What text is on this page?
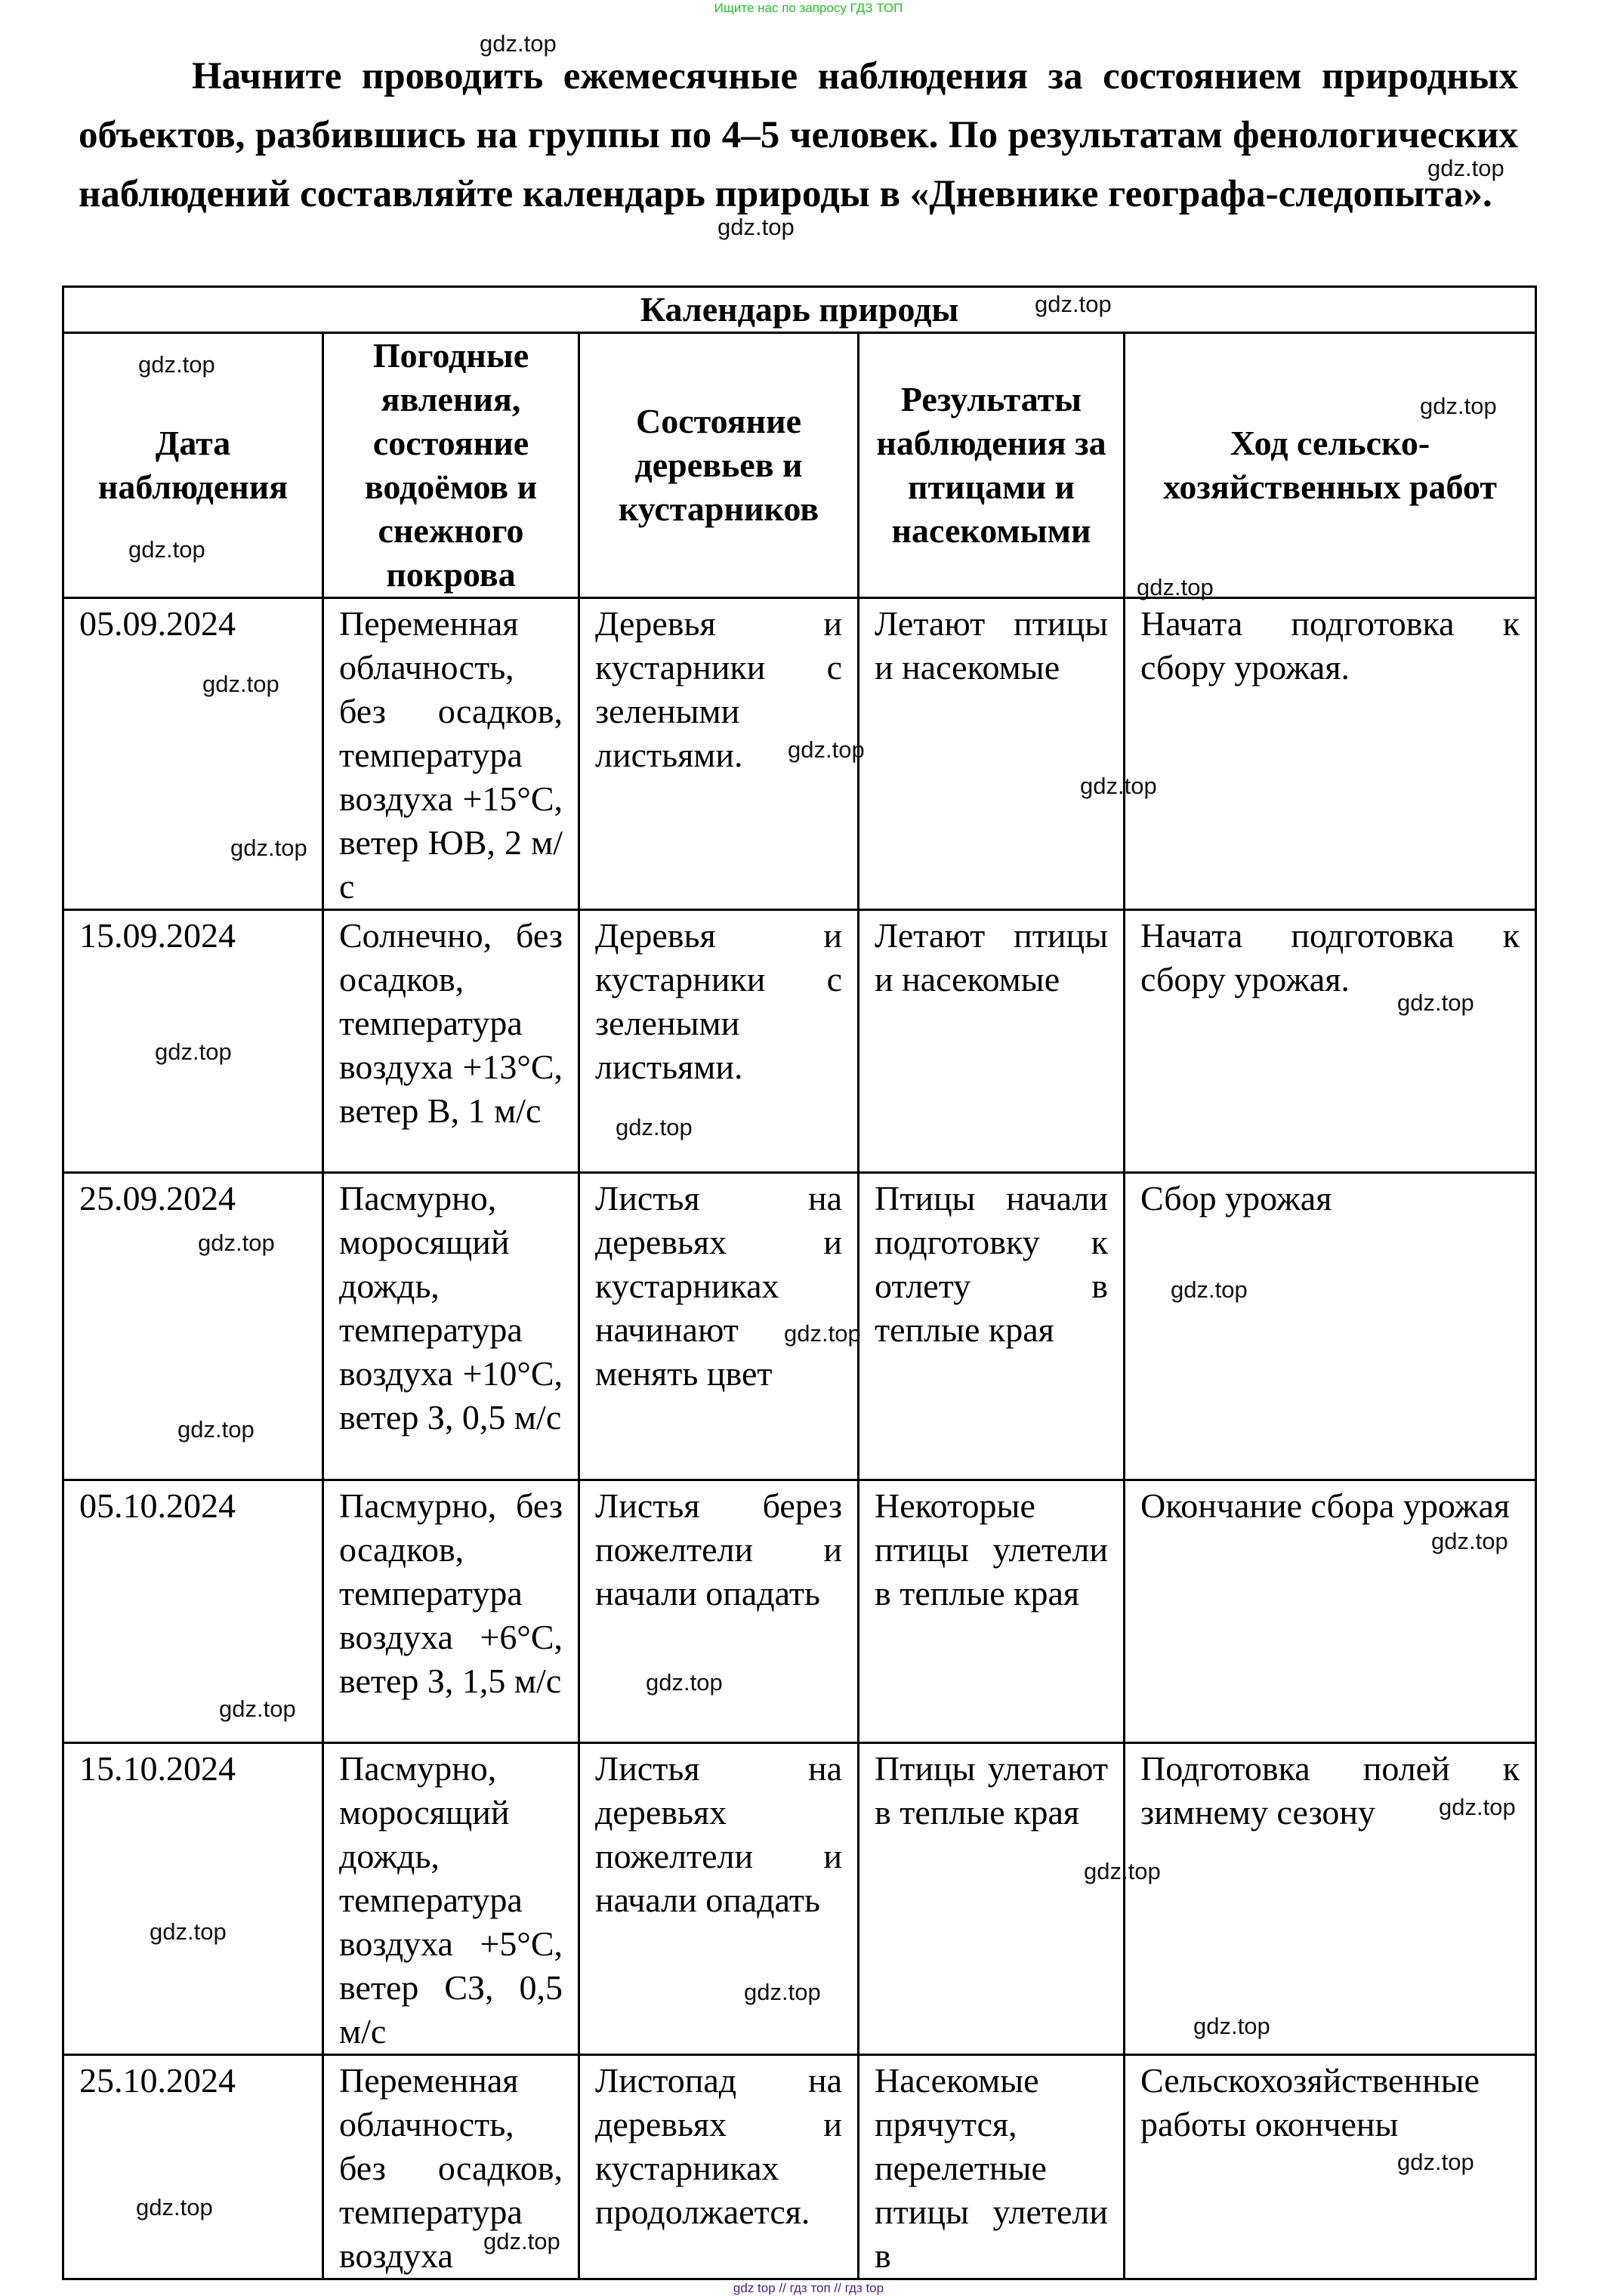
Ищите нас по запросу ГДЗ ТОП
Начните проводить ежемесячные наблюдения за состоянием природных объектов, разбившись на группы по 4–5 человек. По результатам фенологических наблюдений составляйте календарь природы в «Дневнике географа-следопыта».
Календарь природы				
Дата наблюдения	Погодные явления, состояние водоёмов и снежного покрова	Состояние деревьев и кустарников	Результаты наблюдения за птицами и насекомыми	Ход сельско-хозяйственных работ

05.09.2024	Переменная облачность, без осадков, температура воздуха +15°C, ветер ЮВ, 2 м/с	Деревья и кустарники с зелеными листьями.	Летают птицы и насекомые	Начата подготовка к сбору урожая.

15.09.2024	Солнечно, без осадков, температура воздуха +13°C, ветер В, 1 м/с	Деревья и кустарники с зелеными листьями.	Летают птицы и насекомые	Начата подготовка к сбору урожая.

25.09.2024	Пасмурно, моросящий дождь, температура воздуха +10°C, ветер З, 0,5 м/с	Листья на деревьях и кустарниках начинают менять цвет	Птицы начали подготовку к отлету в теплые края	Сбор урожая

05.10.2024	Пасмурно, без осадков, температура воздуха +6°C, ветер З, 1,5 м/с	Листья берез пожелтели и начали опадать	Некоторые птицы улетели в теплые края	Окончание сбора урожая

15.10.2024	Пасмурно, моросящий дождь, температура воздуха +5°C, ветер СЗ, 0,5 м/с	Листья на деревьях пожелтели и начали опадать	Птицы улетают в теплые края	Подготовка полей к зимнему сезону

25.10.2024	Переменная облачность, без осадков, температура воздуха	Листопад на деревьях и кустарниках продолжается.	Насекомые прячутся, перелетные птицы улетели в	Сельскохозяйственные работы окончены
gdz.top
gdz.top
gdz.top
gdz.top
gdz.top
gdz.top
gdz.top
gdz.top
gdz.top
gdz.top
gdz.top
gdz.top
gdz.top
gdz.top
gdz.top
gdz.top
gdz.top
gdz.top
gdz.top
gdz.top
gdz.top
gdz.top
gdz.top
gdz.top
gdz.top
gdz.top
gdz.top
gdz.top
gdz.top
gdz.top
gdz top // гдз топ // гдз top
